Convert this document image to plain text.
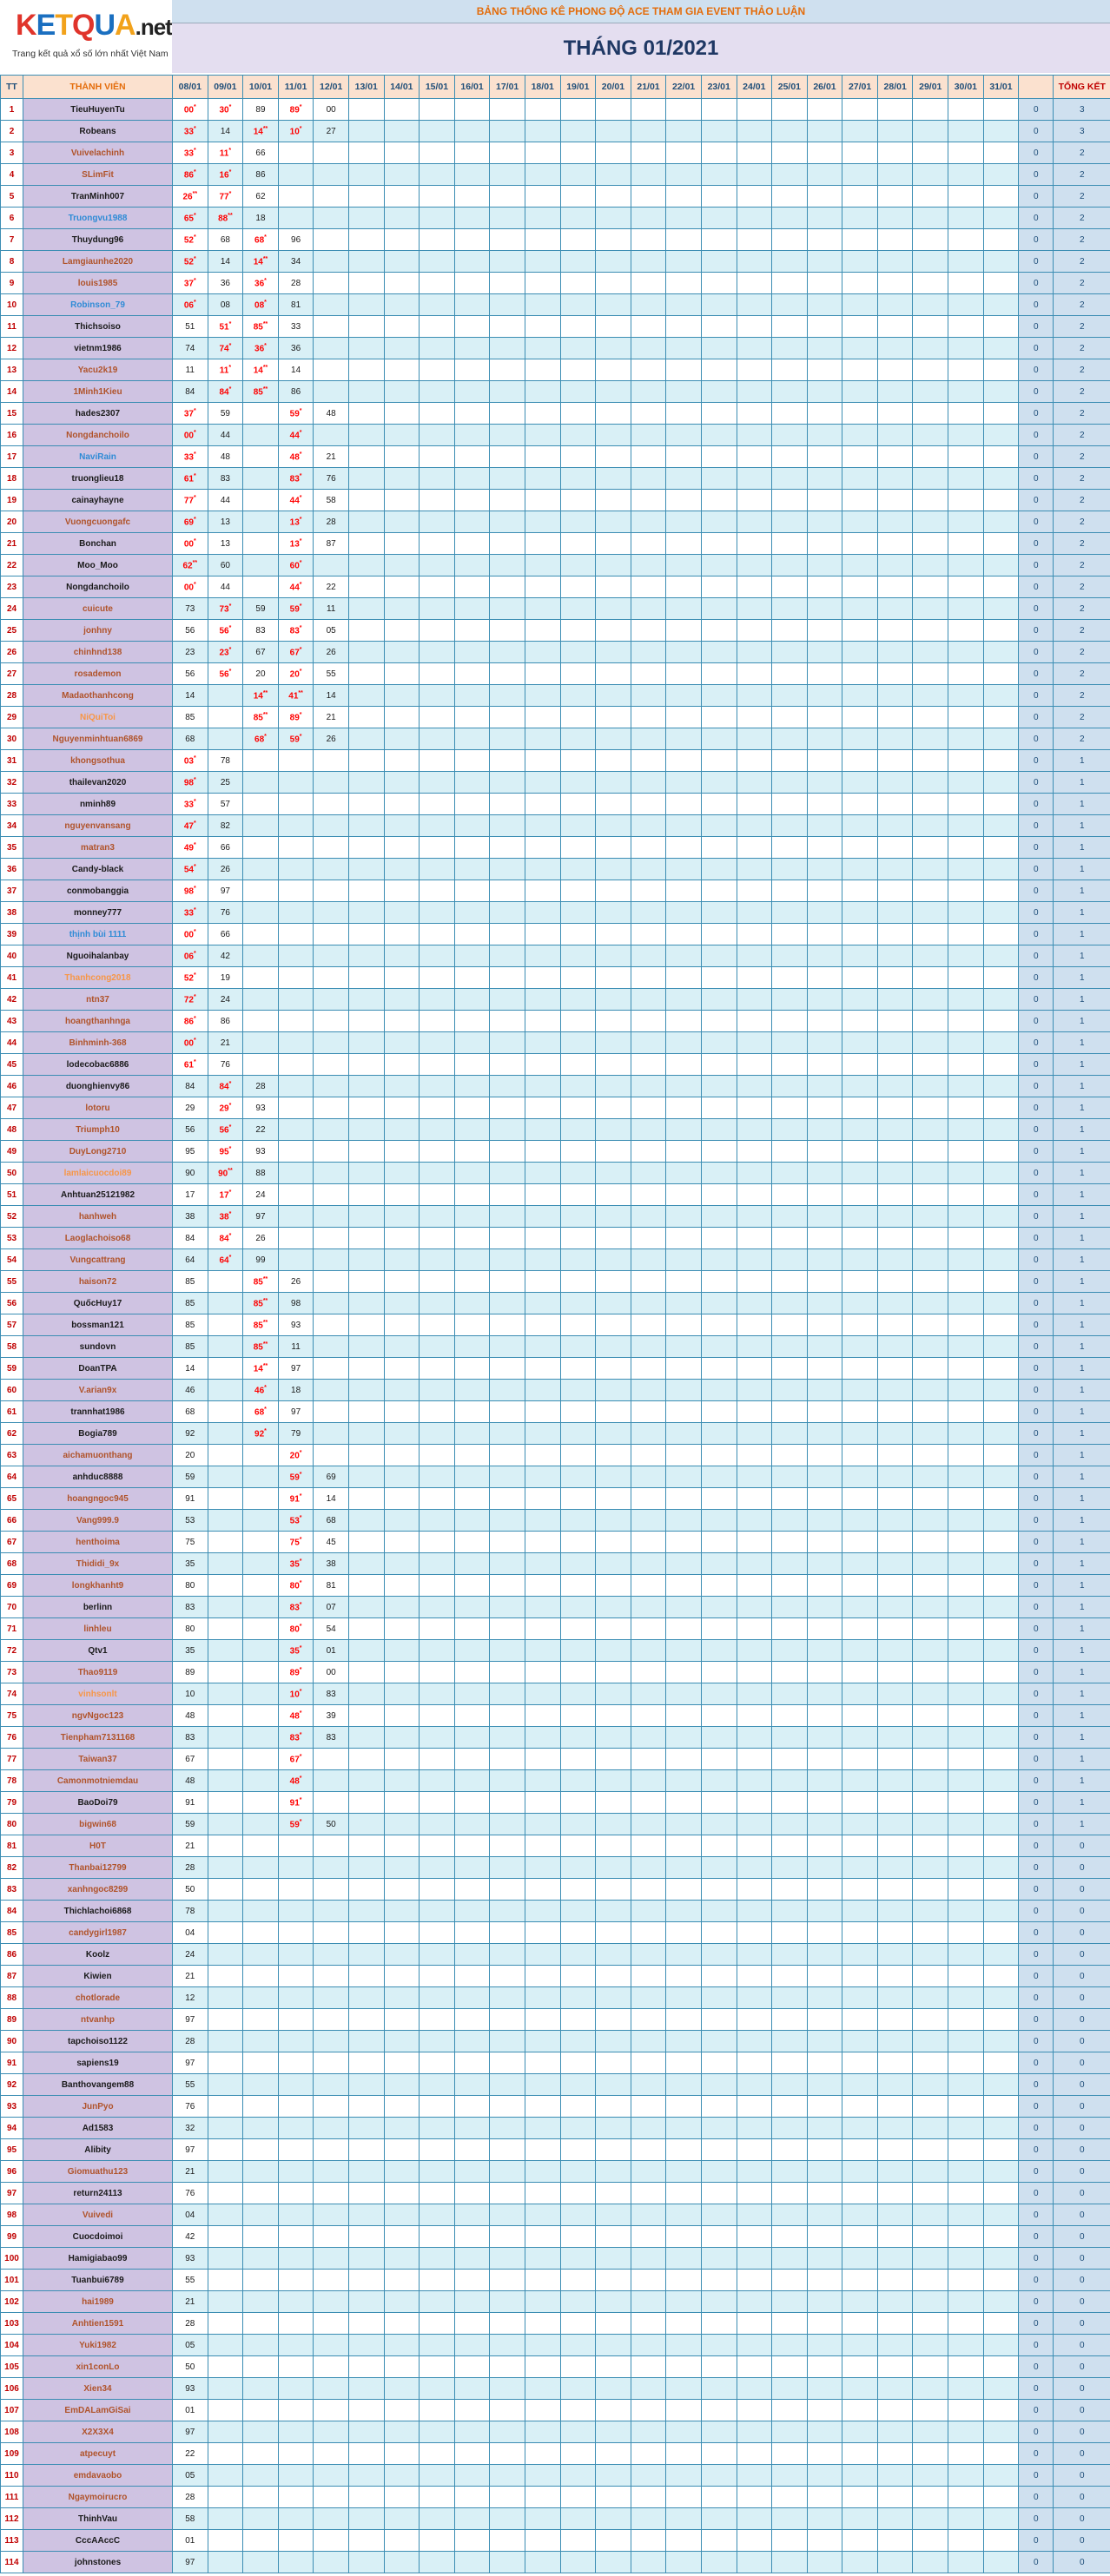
KETQUA.net
Trang kết quả xổ số lớn nhất Việt Nam
BẢNG THỐNG KÊ PHONG ĐỘ ACE THAM GIA EVENT THẢO LUẬN
THÁNG 01/2021
TT	THÀNH VIÊN	08/01	09/01	10/01	11/01	12/01	13/01	14/01	15/01	16/01	17/01	18/01	19/01	20/01	21/01	22/01	23/01	24/01	25/01	26/01	27/01	28/01	29/01	30/01	31/01		TỔNG KẾT
1	TieuHuyenTu	00*	30*	89	89*	00																				0	3
2	Robeans	33*	14	14**	10*	27																				0	3
3	Vuivelachinh	33*	11*	66																						0	2
4	SLimFit	86*	16*	86																						0	2
5	TranMinh007	26**	77*	62																						0	2
6	Truongvu1988	65*	88**	18																						0	2
7	Thuydung96	52*	68	68*	96																					0	2
8	Lamgiaunhe2020	52*	14	14**	34																					0	2
9	louis1985	37*	36	36*	28																					0	2
10	Robinson_79	06*	08	08*	81																					0	2
11	Thichsoiso	51	51*	85**	33																					0	2
12	vietnm1986	74	74*	36*	36																					0	2
13	Yacu2k19	11	11*	14**	14																					0	2
14	1Minh1Kieu	84	84*	85**	86																					0	2
15	hades2307	37*	59		59*	48																				0	2
16	Nongdanchoilo	00*	44		44*																					0	2
17	NaviRain	33*	48		48*	21																				0	2
18	truonglieu18	61*	83		83*	76																				0	2
19	cainayhayne	77*	44		44*	58																				0	2
20	Vuongcuongafc	69*	13		13*	28																				0	2
21	Bonchan	00*	13		13*	87																				0	2
22	Moo_Moo	62**	60		60*																					0	2
23	Nongdanchoilo	00*	44		44*	22																				0	2
24	cuicute	73	73*	59	59*	11																				0	2
25	jonhny	56	56*	83	83*	05																				0	2
26	chinhnd138	23	23*	67	67*	26																				0	2
27	rosademon	56	56*	20	20*	55																				0	2
28	Madaothanhcong	14		14**	41**	14																				0	2
29	NiQuiToi	85		85**	89*	21																				0	2
30	Nguyenminhtuan6869	68		68*	59*	26																				0	2
31	khongsothua	03*	78																							0	1
32	thailevan2020	98*	25																							0	1
33	nminh89	33*	57																							0	1
34	nguyenvansang	47*	82																							0	1
35	matran3	49*	66																							0	1
36	Candy-black	54*	26																							0	1
37	conmobanggia	98*	97																							0	1
38	monney777	33*	76																							0	1
39	thịnh bùi 1111	00*	66																							0	1
40	Nguoihalanbay	06*	42																							0	1
41	Thanhcong2018	52*	19																							0	1
42	ntn37	72*	24																							0	1
43	hoangthanhnga	86*	86																							0	1
44	Binhminh-368	00*	21																							0	1
45	lodecobac6886	61*	76																							0	1
46	duonghienvy86	84	84*	28																						0	1
47	lotoru	29	29*	93																						0	1
48	Triumph10	56	56*	22																						0	1
49	DuyLong2710	95	95*	93																						0	1
50	lamlaicuocdoi89	90	90**	88																						0	1
51	Anhtuan25121982	17	17*	24																						0	1
52	hanhweh	38	38*	97																						0	1
53	Laoglachoiso68	84	84*	26																						0	1
54	Vungcattrang	64	64*	99																						0	1
55	haison72	85		85**	26																					0	1
56	QuốcHuy17	85		85**	98																					0	1
57	bossman121	85		85**	93																					0	1
58	sundovn	85		85**	11																					0	1
59	DoanTPA	14		14**	97																					0	1
60	V.arian9x	46		46*	18																					0	1
61	trannhat1986	68		68*	97																					0	1
62	Bogia789	92		92*	79																					0	1
63	aichamuonthang	20			20*																					0	1
64	anhduc8888	59			59*	69																				0	1
65	hoangngoc945	91			91*	14																				0	1
66	Vang999.9	53			53*	68																				0	1
67	henthoima	75			75*	45																				0	1
68	Thididi_9x	35			35*	38																				0	1
69	longkhanht9	80			80*	81																				0	1
70	berlinn	83			83*	07																				0	1
71	linhleu	80			80*	54																				0	1
72	Qtv1	35			35*	01																				0	1
73	Thao9119	89			89*	00																				0	1
74	vinhsonlt	10			10*	83																				0	1
75	ngvNgoc123	48			48*	39																				0	1
76	Tienpham7131168	83			83*	83																				0	1
77	Taiwan37	67			67*																					0	1
78	Camonmotniemdau	48			48*																					0	1
79	BaoDoi79	91			91*																					0	1
80	bigwin68	59			59*	50																				0	1
81	H0T	21																								0	0
82	Thanbai12799	28																								0	0
83	xanhngoc8299	50																								0	0
84	Thichlachoi6868	78																								0	0
85	candygirl1987	04																								0	0
86	Koolz	24																								0	0
87	Kiwien	21																								0	0
88	chotlorade	12																								0	0
89	ntvanhp	97																								0	0
90	tapchoiso1122	28																								0	0
91	sapiens19	97																								0	0
92	Banthovangem88	55																								0	0
93	JunPyo	76																								0	0
94	Ad1583	32																								0	0
95	Alibity	97																								0	0
96	Giomuathu123	21																								0	0
97	return24113	76																								0	0
98	Vuivedi	04																								0	0
99	Cuocdoimoi	42																								0	0
100	Hamigiabao99	93																								0	0
101	Tuanbui6789	55																								0	0
102	hai1989	21																								0	0
103	Anhtien1591	28																								0	0
104	Yuki1982	05																								0	0
105	xin1conLo	50																								0	0
106	Xien34	93																								0	0
107	EmDALamGiSai	01																								0	0
108	X2X3X4	97																								0	0
109	atpecuyt	22																								0	0
110	emdavaobo	05																								0	0
111	Ngaymoirucro	28																								0	0
112	ThinhVau	58																								0	0
113	CccAAccC	01																								0	0
114	johnstones	97																								0	0
